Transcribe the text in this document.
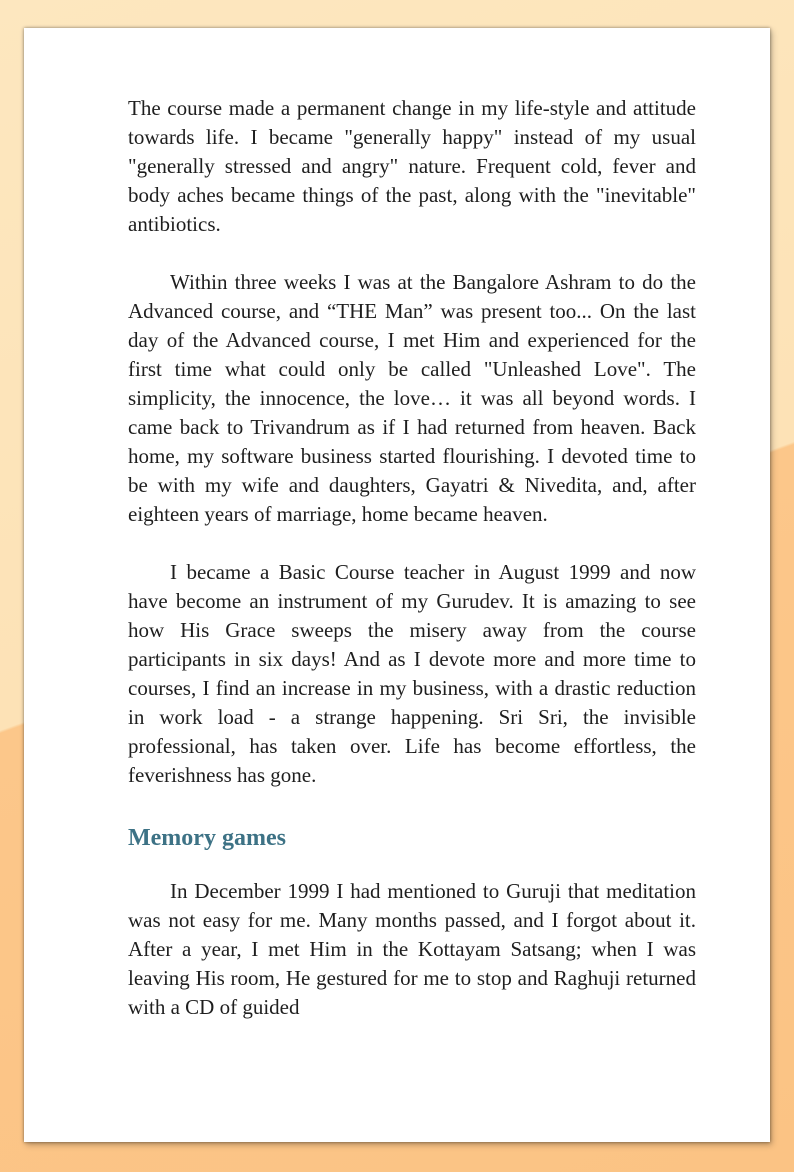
The course made a permanent change in my life-style and attitude towards life. I became "generally happy" instead of my usual "generally stressed and angry" nature. Frequent cold, fever and body aches became things of the past, along with the "inevitable" antibiotics.

Within three weeks I was at the Bangalore Ashram to do the Advanced course, and “THE Man” was present too... On the last day of the Advanced course, I met Him and experienced for the first time what could only be called "Unleashed Love". The simplicity, the innocence, the love… it was all beyond words. I came back to Trivandrum as if I had returned from heaven. Back home, my software business started flourishing. I devoted time to be with my wife and daughters, Gayatri & Nivedita, and, after eighteen years of marriage, home became heaven.

I became a Basic Course teacher in August 1999 and now have become an instrument of my Gurudev. It is amazing to see how His Grace sweeps the misery away from the course participants in six days! And as I devote more and more time to courses, I find an increase in my business, with a drastic reduction in work load - a strange happening. Sri Sri, the invisible professional, has taken over. Life has become effortless, the feverishness has gone.

Memory games

In December 1999 I had mentioned to Guruji that meditation was not easy for me. Many months passed, and I forgot about it. After a year, I met Him in the Kottayam Satsang; when I was leaving His room, He gestured for me to stop and Raghuji returned with a CD of guided
